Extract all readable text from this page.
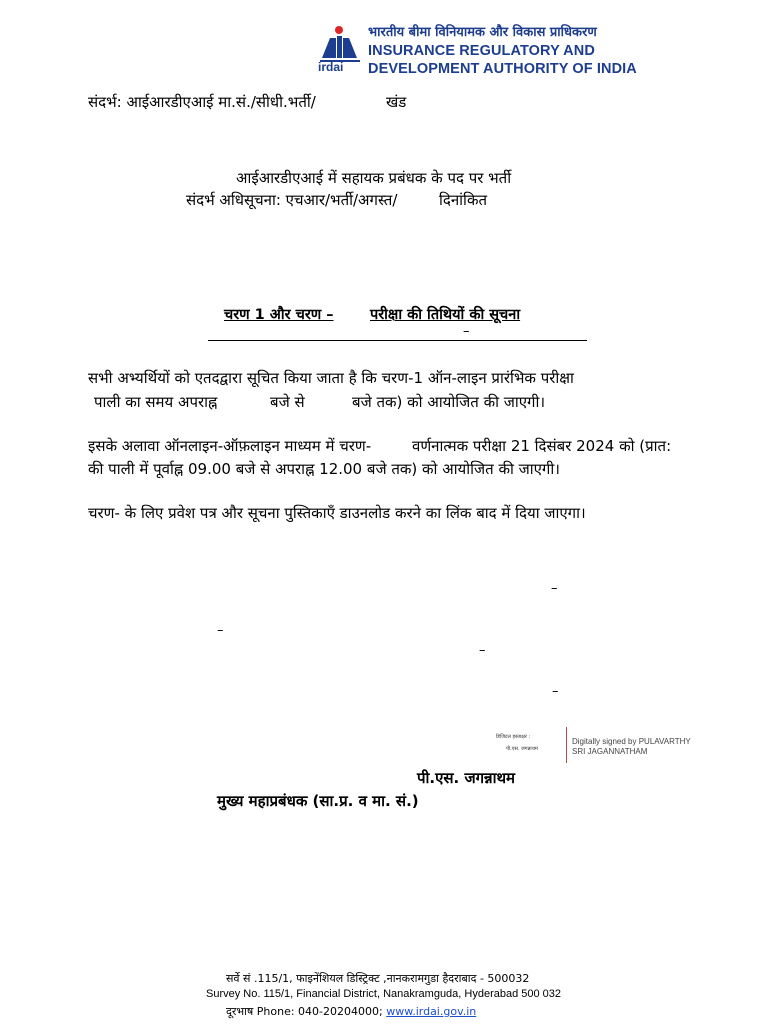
irdai
भारतीय बीमा विनियामक और विकास प्राधिकरण
INSURANCE REGULATORY AND
DEVELOPMENT AUTHORITY OF INDIA
संदर्भ: आईआरडीएआई मा.सं./सीधी.भर्ती/	खंड
आईआरडीएआई में सहायक प्रबंधक के पद पर भर्ती
संदर्भ अधिसूचना: एचआर/भर्ती/अगस्त/	दिनांकित
चरण 1 और चरण –	परीक्षा की तिथियों की सूचना
–
सभी अभ्यर्थियों को एतदद्वारा सूचित किया जाता है कि चरण-1 ऑन-लाइन प्रारंभिक परीक्षा
पाली का समय अपराह्न	बजे से	बजे तक) को आयोजित की जाएगी।
इसके अलावा ऑनलाइन-ऑफ़लाइन माध्यम में चरण-	वर्णनात्मक परीक्षा 21 दिसंबर 2024 को (प्रात:
की पाली में पूर्वाह्न 09.00 बजे से अपराह्न 12.00 बजे तक) को आयोजित की जाएगी।
चरण- के लिए प्रवेश पत्र और सूचना पुस्तिकाएँ डाउनलोड करने का लिंक बाद में दिया जाएगा।
–
–
–
–
डिजिटल हस्ताक्षर :
पी.एस. जगन्नाथम
Digitally signed by PULAVARTHY
SRI JAGANNATHAM
पी.एस. जगन्नाथम
मुख्य महाप्रबंधक (सा.प्र. व मा. सं.)
सर्वे सं .115/1, फाइनेंशियल डिस्ट्रिक्ट ,नानकरामगुडा हैदराबाद - 500032
Survey No. 115/1, Financial District, Nanakramguda, Hyderabad 500 032
दूरभाष Phone: 040-20204000; www.irdai.gov.in
